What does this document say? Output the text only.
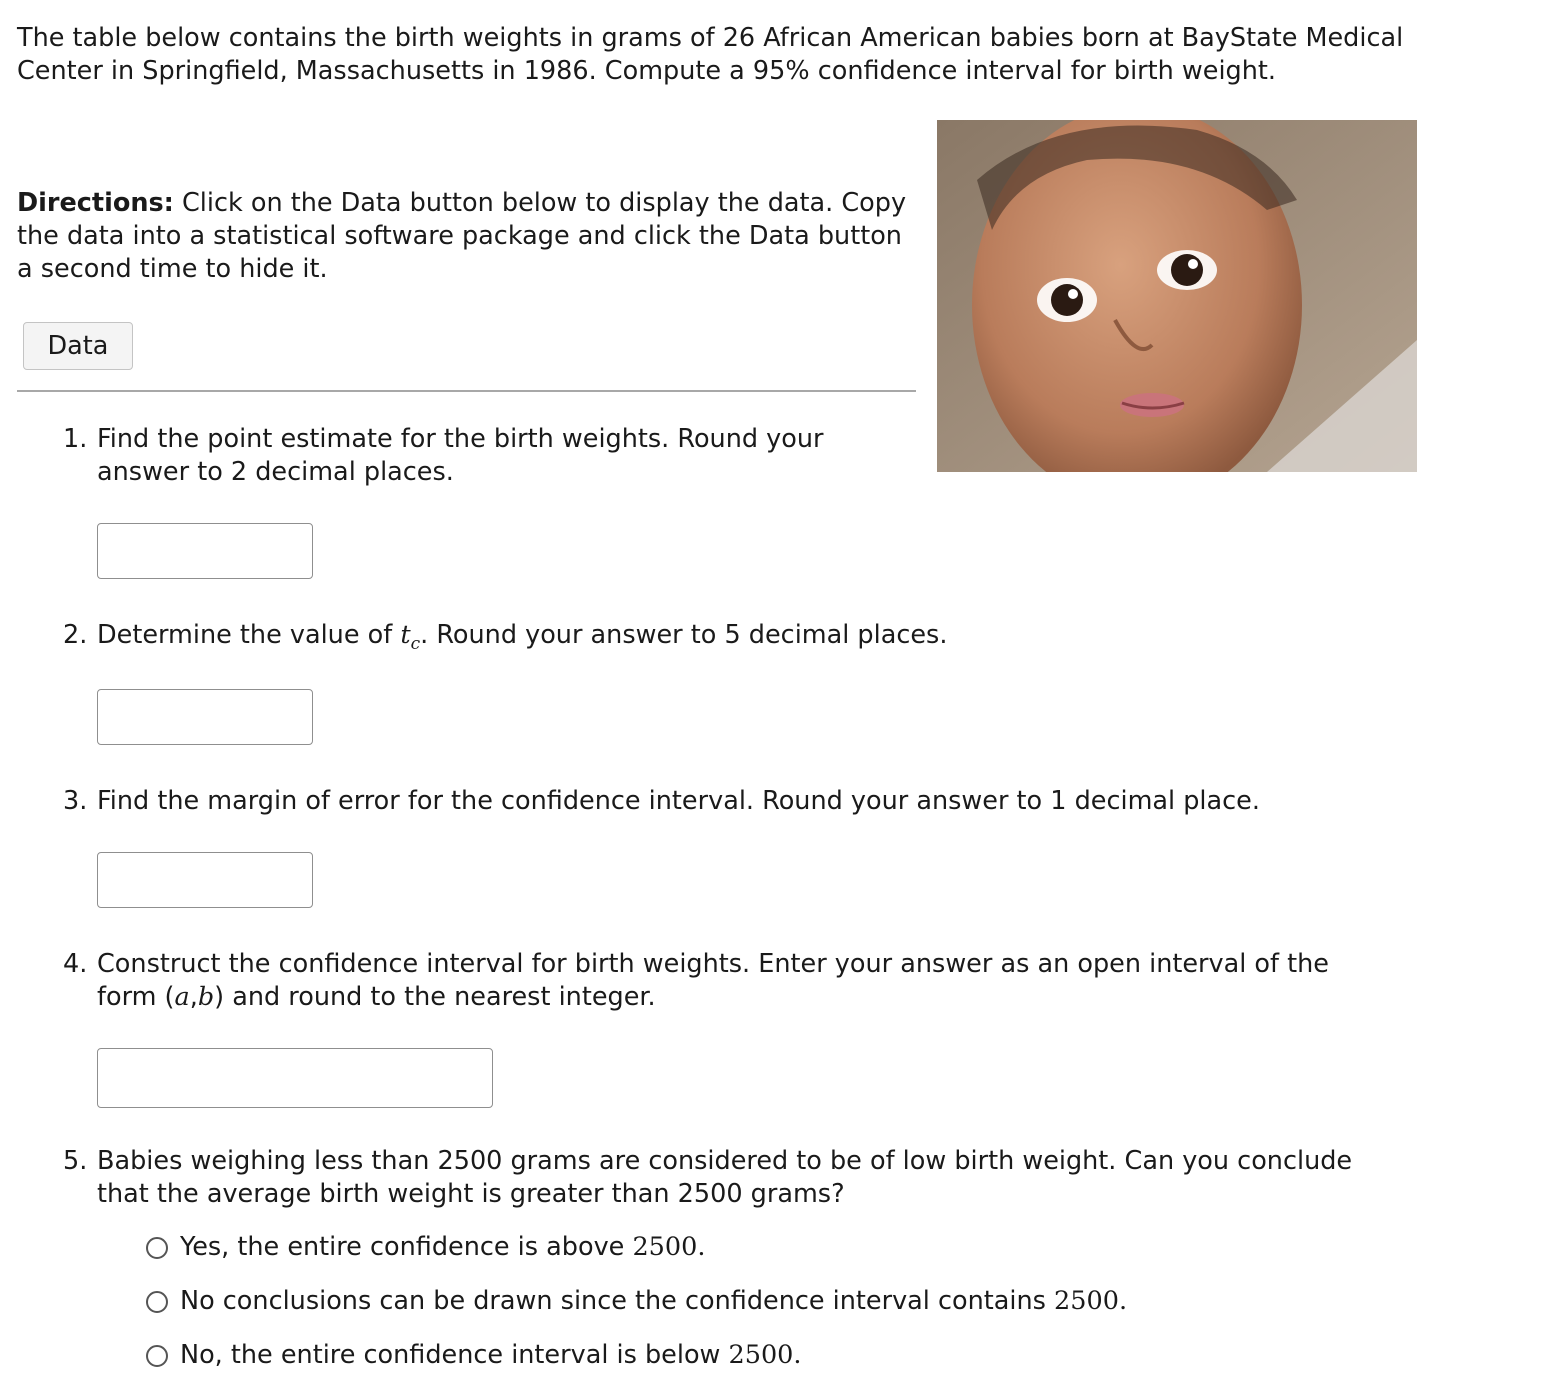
The table below contains the birth weights in grams of 26 African American babies born at BayState Medical Center in Springfield, Massachusetts in 1986. Compute a 95% confidence interval for birth weight.

Directions: Click on the Data button below to display the data. Copy the data into a statistical software package and click the Data button a second time to hide it.

Data
1. Find the point estimate for the birth weights. Round your answer to 2 decimal places.
2. Determine the value of $t_c$. Round your answer to 5 decimal places.
3. Find the margin of error for the confidence interval. Round your answer to 1 decimal place.
4. Construct the confidence interval for birth weights. Enter your answer as an open interval of the form (a,b) and round to the nearest integer.
5. Babies weighing less than 2500 grams are considered to be of low birth weight. Can you conclude that the average birth weight is greater than 2500 grams?
Yes, the entire confidence is above 2500.
No conclusions can be drawn since the confidence interval contains 2500.
No, the entire confidence interval is below 2500.
